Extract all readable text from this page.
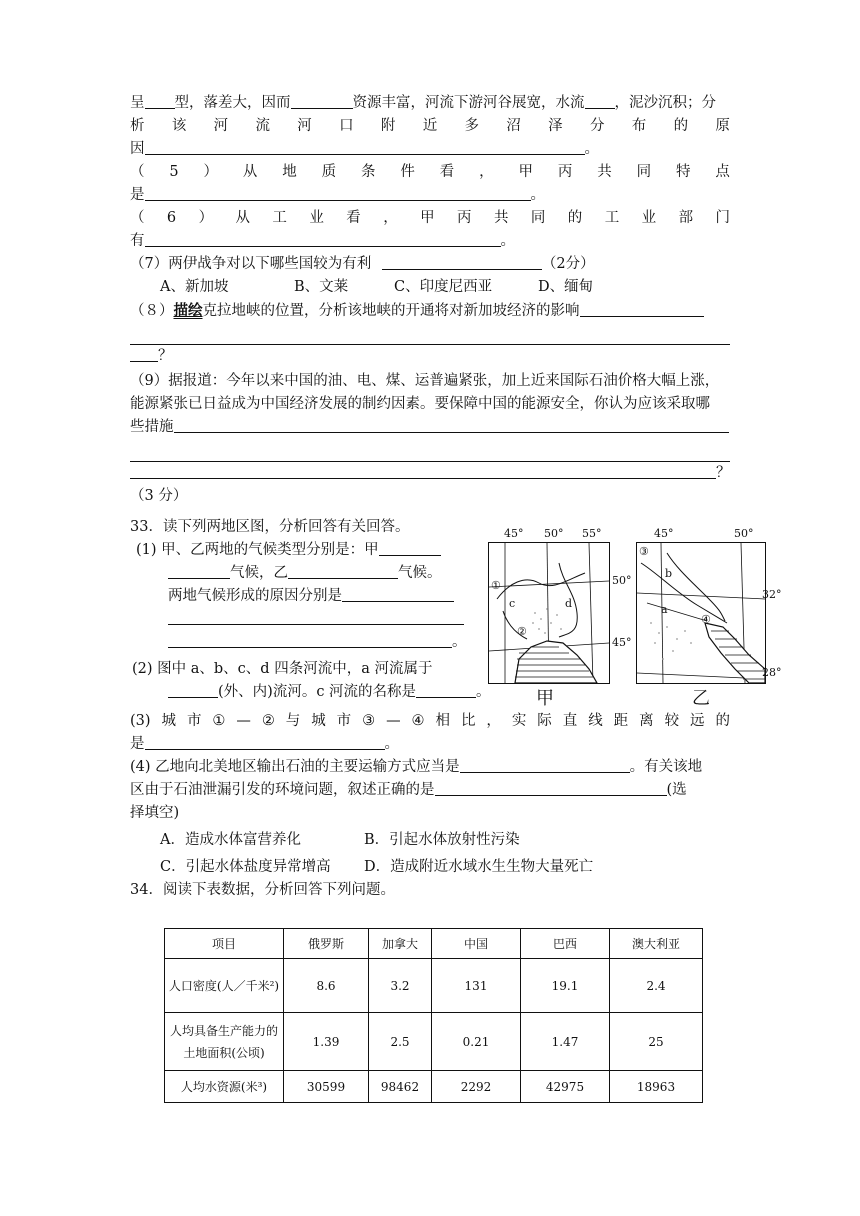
呈 型，落差大，因而	资源丰富，河流下游河谷展宽，水流 ，泥沙沉积；分
析 该 河 流 河 口 附 近 多 沼 泽 分 布 的 原
因	。
（ 5 ） 从 地 质 条 件 看 ， 甲 丙 共 同 特 点
是	。
（ 6 ） 从 工 业 看 ， 甲 丙 共 同 的 工 业 部 门
有	。
（7）两伊战争对以下哪些国较为有利	（2分）
A、新加坡	B、文莱	C、印度尼西亚	D、缅甸
（８）描绘克拉地峡的位置，分析该地峡的开通将对新加坡经济的影响
？
（9）据报道：今年以来中国的油、电、煤、运普遍紧张，加上近来国际石油价格大幅上涨，
能源紧张已日益成为中国经济发展的制约因素。要保障中国的能源安全，你认为应该采取哪
些措施
？
（3 分）
33．读下列两地区图，分析回答有关回答。
(1) 甲、乙两地的气候类型分别是：甲
气候，乙	气候。
两地气候形成的原因分别是
。
(2) 图中 a、b、c、d 四条河流中，a 河流属于
(外、内)流河。c 河流的名称是	。
(3) 城 市 ① — ② 与 城 市 ③ — ④ 相 比 ， 实 际 直 线 距 离 较 远 的
是	。
(4) 乙地向北美地区输出石油的主要运输方式应当是	。有关该地
区由于石油泄漏引发的环境问题，叙述正确的是	(选
择填空)
A．造成水体富营养化	B．引起水体放射性污染
C．引起水体盐度异常增高 D．造成附近水域水生生物大量死亡
34．阅读下表数据，分析回答下列问题。
①
c	d
②
45° 50° 55°
50°
45°
甲
③
b
a
④
45°	50°
32°
28°
乙
项目	俄罗斯	加拿大	中国	巴西	澳大利亚
人口密度(人／千米²)	8.6	3.2	131	19.1	2.4
人均具备生产能力的土地面积(公顷)	1.39	2.5	0.21	1.47	25
人均水资源(米³)	30599	98462	2292	42975	18963
